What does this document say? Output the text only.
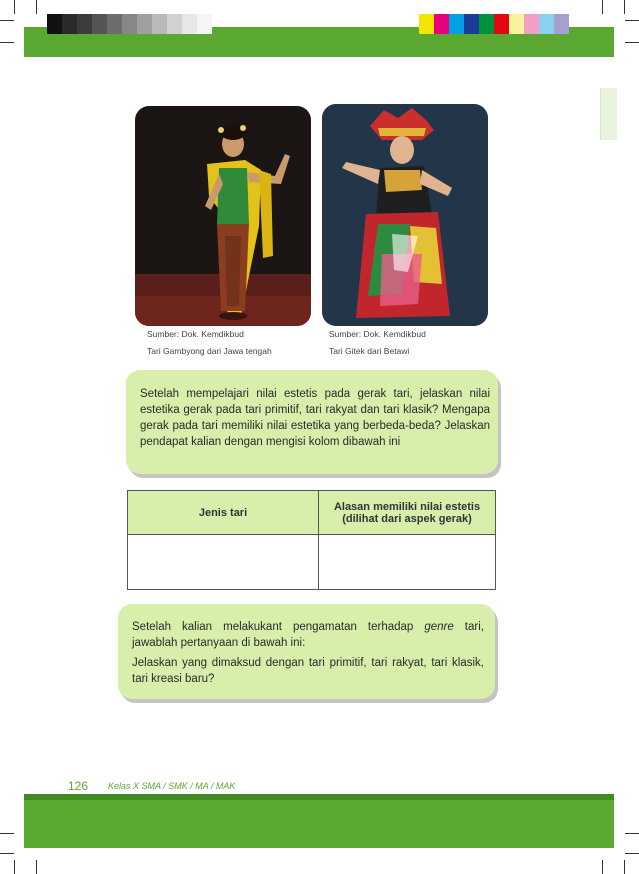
Sumber: Dok. Kemdikbud
Tari Gambyong dari Jawa tengah
Sumber: Dok. Kemdikbud
Tari Gitek dari Betawi

Setelah mempelajari nilai estetis pada gerak tari, jelaskan nilai estetika gerak pada tari primitif, tari rakyat dan tari klasik? Mengapa gerak pada tari memiliki nilai estetika yang berbeda-beda? Jelaskan pendapat kalian dengan mengisi kolom dibawah ini

Jenis tari	Alasan memiliki nilai estetis (dilihat dari aspek gerak)

Setelah kalian melakukant pengamatan terhadap genre tari, jawablah pertanyaan di bawah ini:

Jelaskan yang dimaksud dengan tari primitif, tari rakyat, tari klasik, tari kreasi baru?

126 Kelas X SMA / SMK / MA / MAK
